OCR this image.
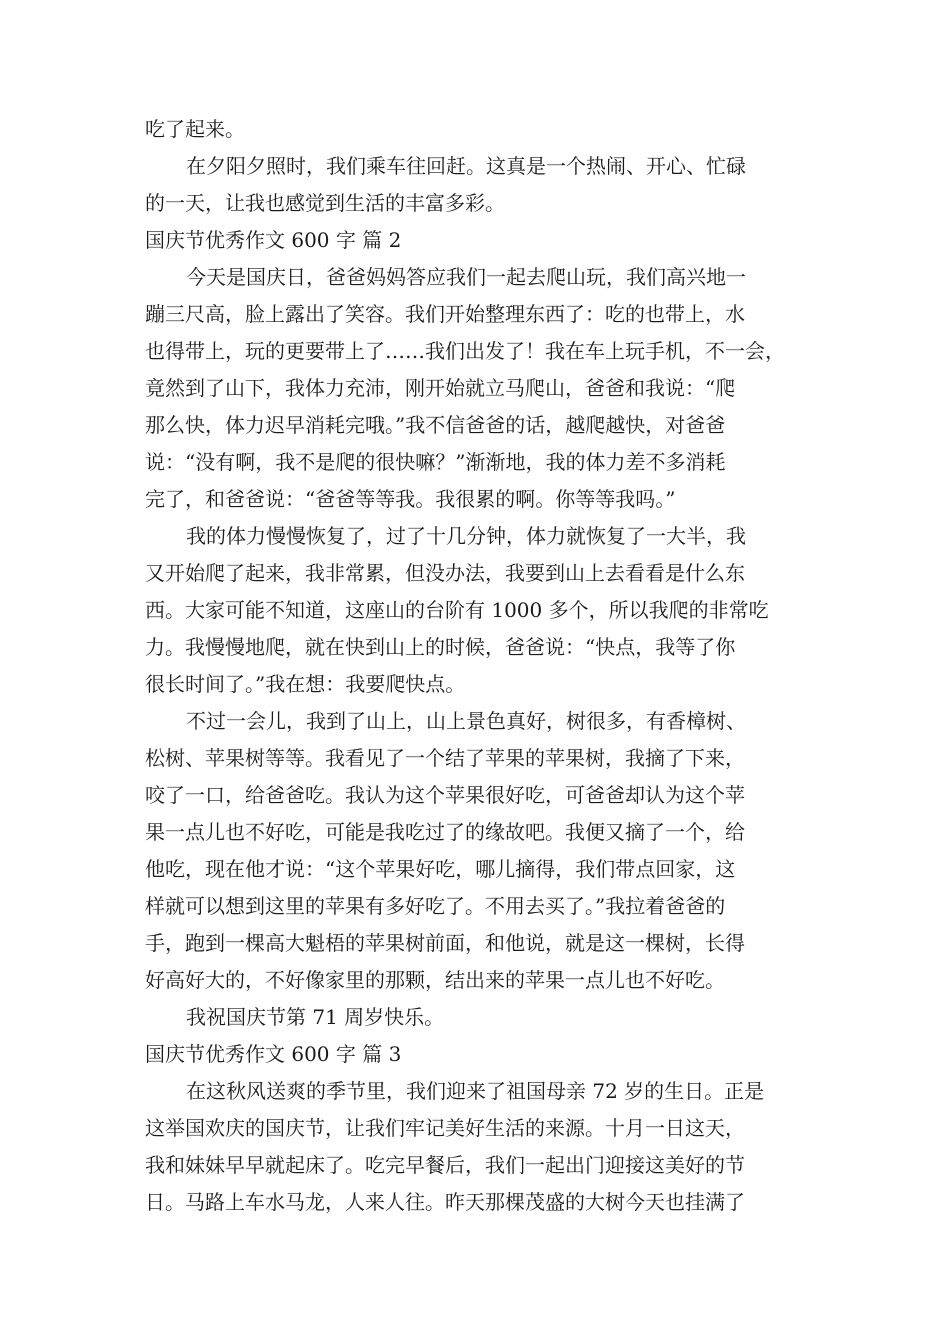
吃了起来。
在夕阳夕照时，我们乘车往回赶。这真是一个热闹、开心、忙碌
的一天，让我也感觉到生活的丰富多彩。
国庆节优秀作文 600 字 篇 2
今天是国庆日，爸爸妈妈答应我们一起去爬山玩，我们高兴地一
蹦三尺高，脸上露出了笑容。我们开始整理东西了：吃的也带上，水
也得带上，玩的更要带上了……我们出发了！我在车上玩手机，不一会，
竟然到了山下，我体力充沛，刚开始就立马爬山，爸爸和我说：“爬
那么快，体力迟早消耗完哦。”我不信爸爸的话，越爬越快，对爸爸
说：“没有啊，我不是爬的很快嘛？”渐渐地，我的体力差不多消耗
完了，和爸爸说：“爸爸等等我。我很累的啊。你等等我吗。”
我的体力慢慢恢复了，过了十几分钟，体力就恢复了一大半，我
又开始爬了起来，我非常累，但没办法，我要到山上去看看是什么东
西。大家可能不知道，这座山的台阶有 1000 多个，所以我爬的非常吃
力。我慢慢地爬，就在快到山上的时候，爸爸说：“快点，我等了你
很长时间了。”我在想：我要爬快点。
不过一会儿，我到了山上，山上景色真好，树很多，有香樟树、
松树、苹果树等等。我看见了一个结了苹果的苹果树，我摘了下来，
咬了一口，给爸爸吃。我认为这个苹果很好吃，可爸爸却认为这个苹
果一点儿也不好吃，可能是我吃过了的缘故吧。我便又摘了一个，给
他吃，现在他才说：“这个苹果好吃，哪儿摘得，我们带点回家，这
样就可以想到这里的苹果有多好吃了。不用去买了。”我拉着爸爸的
手，跑到一棵高大魁梧的苹果树前面，和他说，就是这一棵树，长得
好高好大的，不好像家里的那颗，结出来的苹果一点儿也不好吃。
我祝国庆节第 71 周岁快乐。
国庆节优秀作文 600 字 篇 3
在这秋风送爽的季节里，我们迎来了祖国母亲 72 岁的生日。正是
这举国欢庆的国庆节，让我们牢记美好生活的来源。十月一日这天，
我和妹妹早早就起床了。吃完早餐后，我们一起出门迎接这美好的节
日。马路上车水马龙，人来人往。昨天那棵茂盛的大树今天也挂满了
